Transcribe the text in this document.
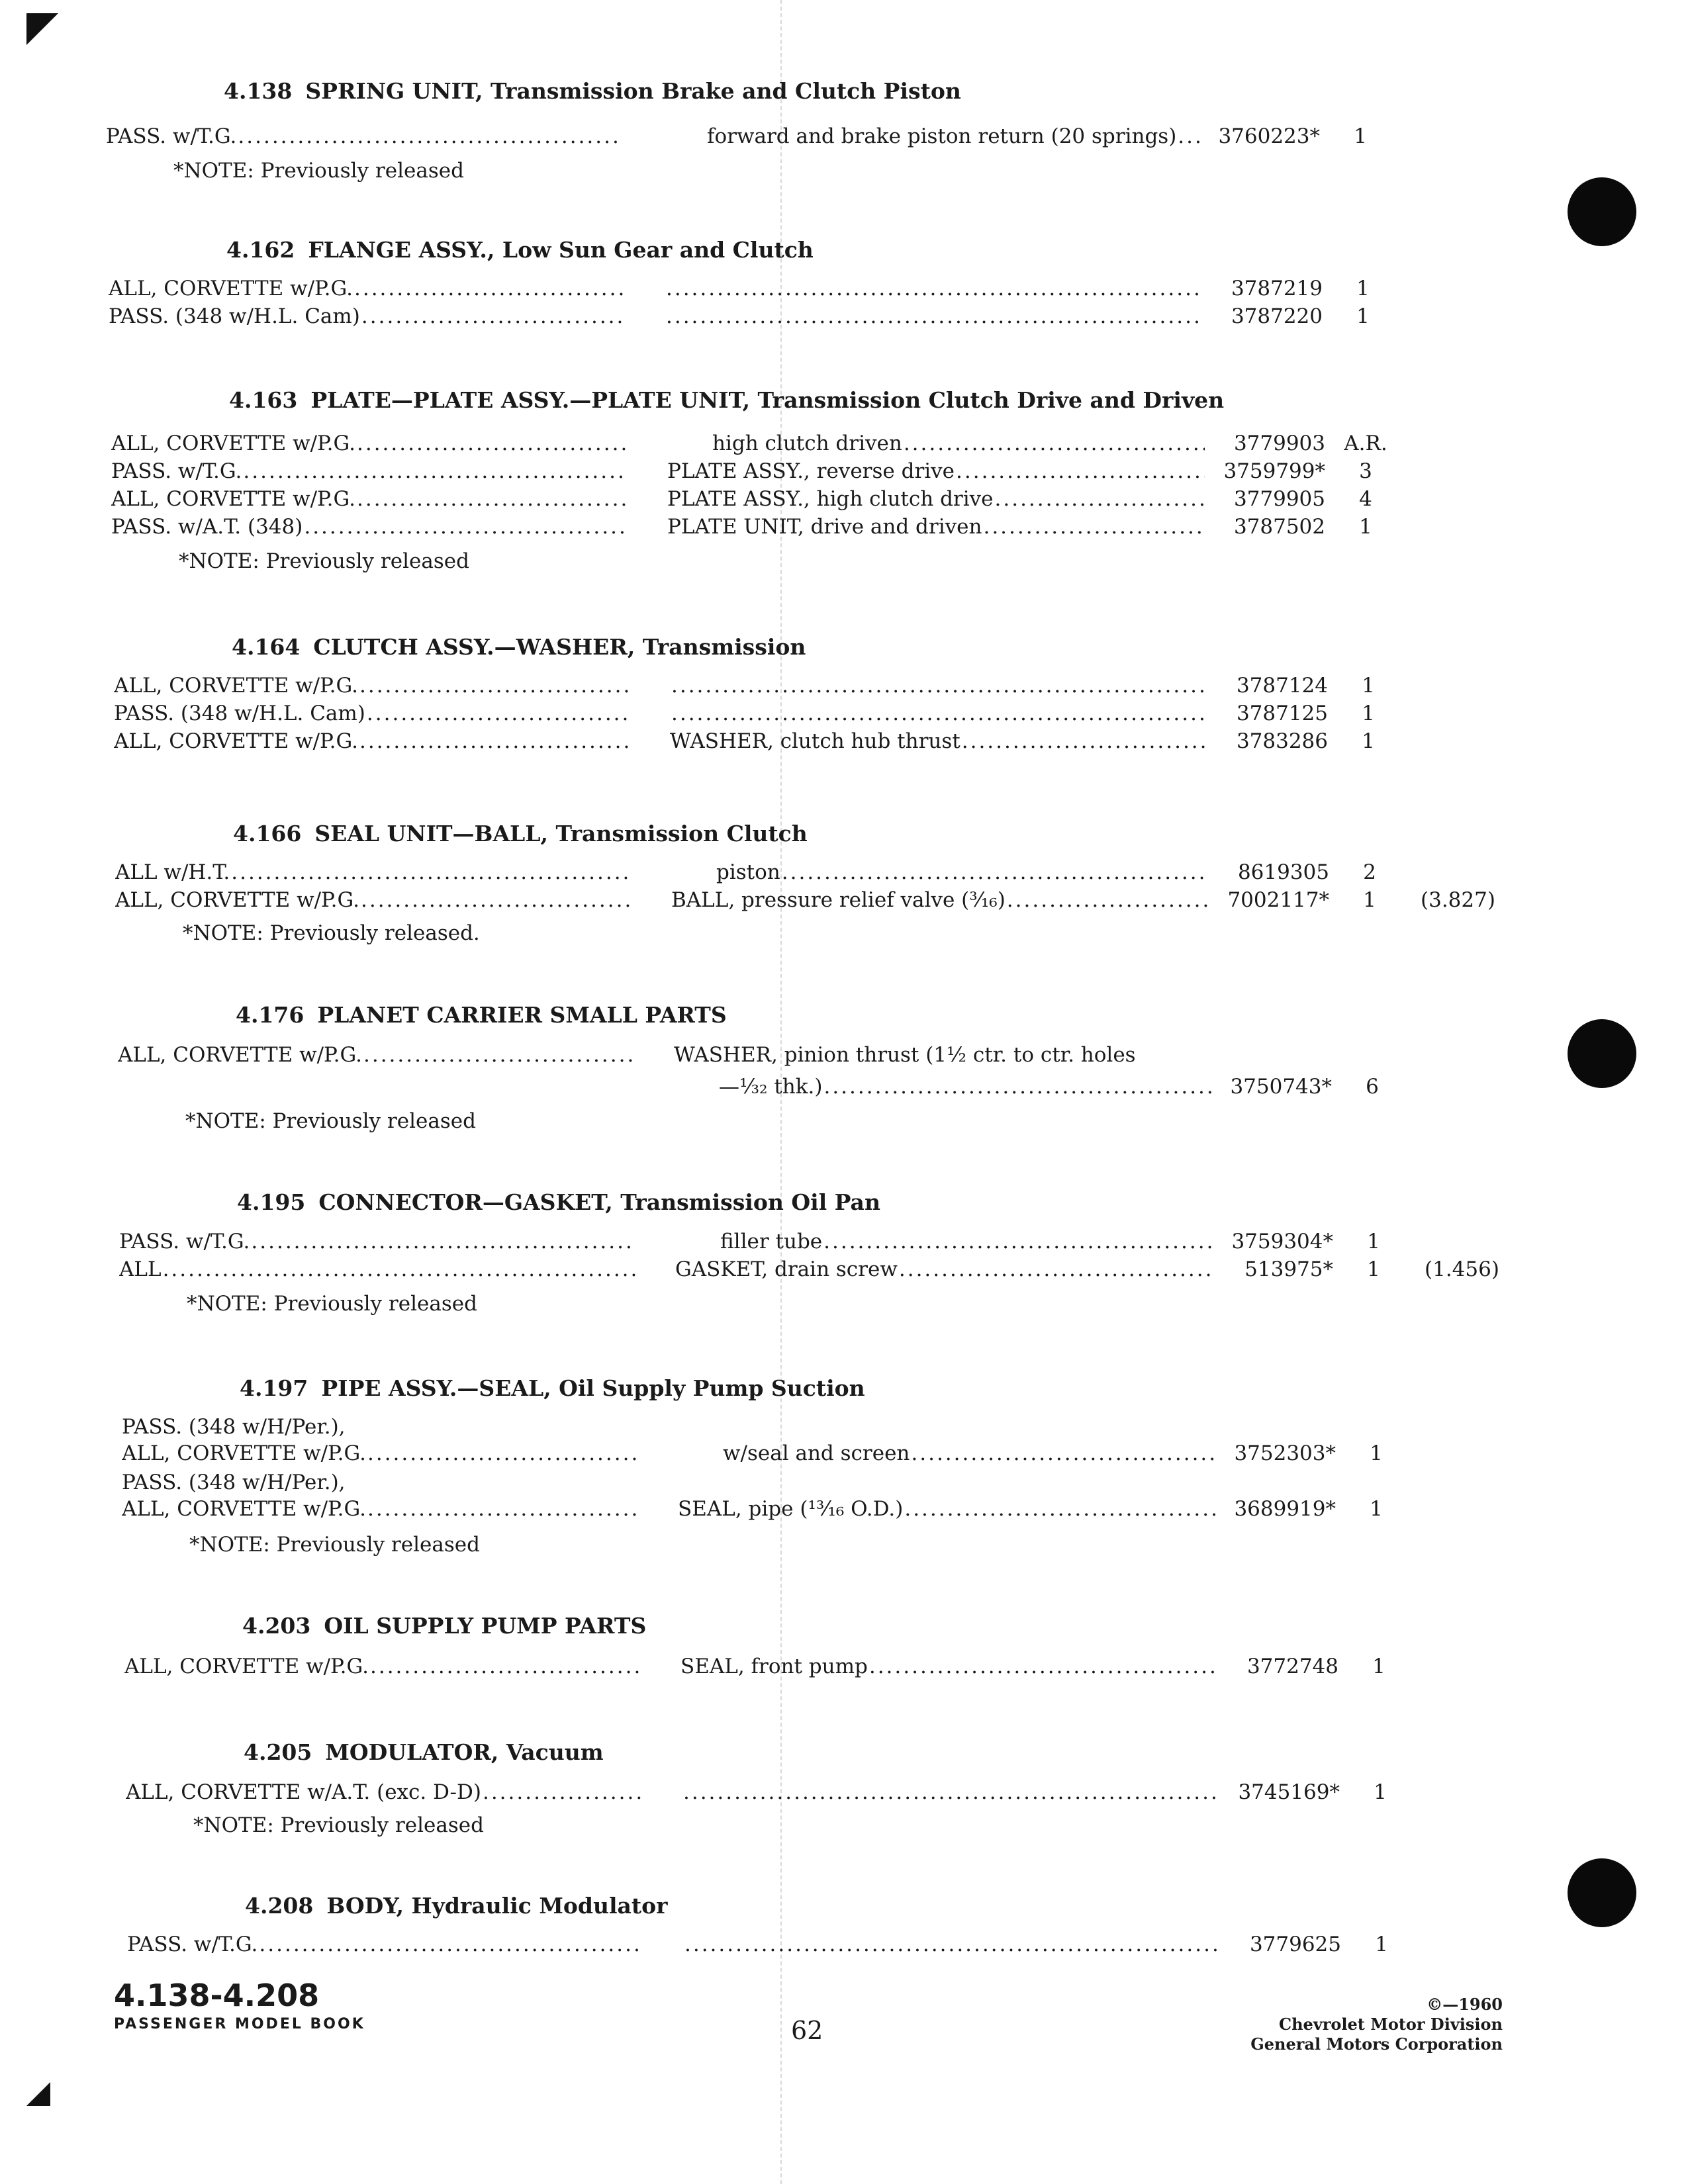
4.138 SPRING UNIT, Transmission Brake and Clutch Piston
PASS. w/T.G. .....	forward and brake piston return (20 springs) .....	3760223*	1
*NOTE: Previously released
4.162 FLANGE ASSY., Low Sun Gear and Clutch
ALL, CORVETTE w/P.G. ..... .....	3787219	1
PASS. (348 w/H.L. Cam) ..... .....	3787220	1
4.163 PLATE—PLATE ASSY.—PLATE UNIT, Transmission Clutch Drive and Driven
ALL, CORVETTE w/P.G. .....	high clutch driven .....	3779903 A.R.
PASS. w/T.G. .....	PLATE ASSY., reverse drive .....	3759799*	3
ALL, CORVETTE w/P.G. .....	PLATE ASSY., high clutch drive .....	3779905	4
PASS. w/A.T. (348) .....	PLATE UNIT, drive and driven .....	3787502	1
*NOTE: Previously released
4.164 CLUTCH ASSY.—WASHER, Transmission
ALL, CORVETTE w/P.G. ..... .....	3787124	1
PASS. (348 w/H.L. Cam) ..... .....	3787125	1
ALL, CORVETTE w/P.G. .....	WASHER, clutch hub thrust .....	3783286	1
4.166 SEAL UNIT—BALL, Transmission Clutch
ALL w/H.T. .....	piston .....	8619305	2
ALL, CORVETTE w/P.G. .....	BALL, pressure relief valve (³⁄₁₆) .....	7002117*	1	(3.827)
*NOTE: Previously released.
4.176 PLANET CARRIER SMALL PARTS
ALL, CORVETTE w/P.G. .....	WASHER, pinion thrust (1½ ctr. to ctr. holes
—¹⁄₃₂ thk.) .....	3750743*	6
*NOTE: Previously released
4.195 CONNECTOR—GASKET, Transmission Oil Pan
PASS. w/T.G. .....	filler tube .....	3759304*	1
ALL .....	GASKET, drain screw .....	513975*	1	(1.456)
*NOTE: Previously released
4.197 PIPE ASSY.—SEAL, Oil Supply Pump Suction
PASS. (348 w/H/Per.),
ALL, CORVETTE w/P.G. .....	w/seal and screen .....	3752303*	1
PASS. (348 w/H/Per.),
ALL, CORVETTE w/P.G. .....	SEAL, pipe (¹³⁄₁₆ O.D.) .....	3689919*	1
*NOTE: Previously released
4.203 OIL SUPPLY PUMP PARTS
ALL, CORVETTE w/P.G. .....	SEAL, front pump .....	3772748	1
4.205 MODULATOR, Vacuum
ALL, CORVETTE w/A.T. (exc. D-D) ..... .....	3745169*	1
*NOTE: Previously released
4.208 BODY, Hydraulic Modulator
PASS. w/T.G. ..... .....	3779625	1
4.138-4.208
PASSENGER MODEL BOOK	62
©—1960
Chevrolet Motor Division
General Motors Corporation
